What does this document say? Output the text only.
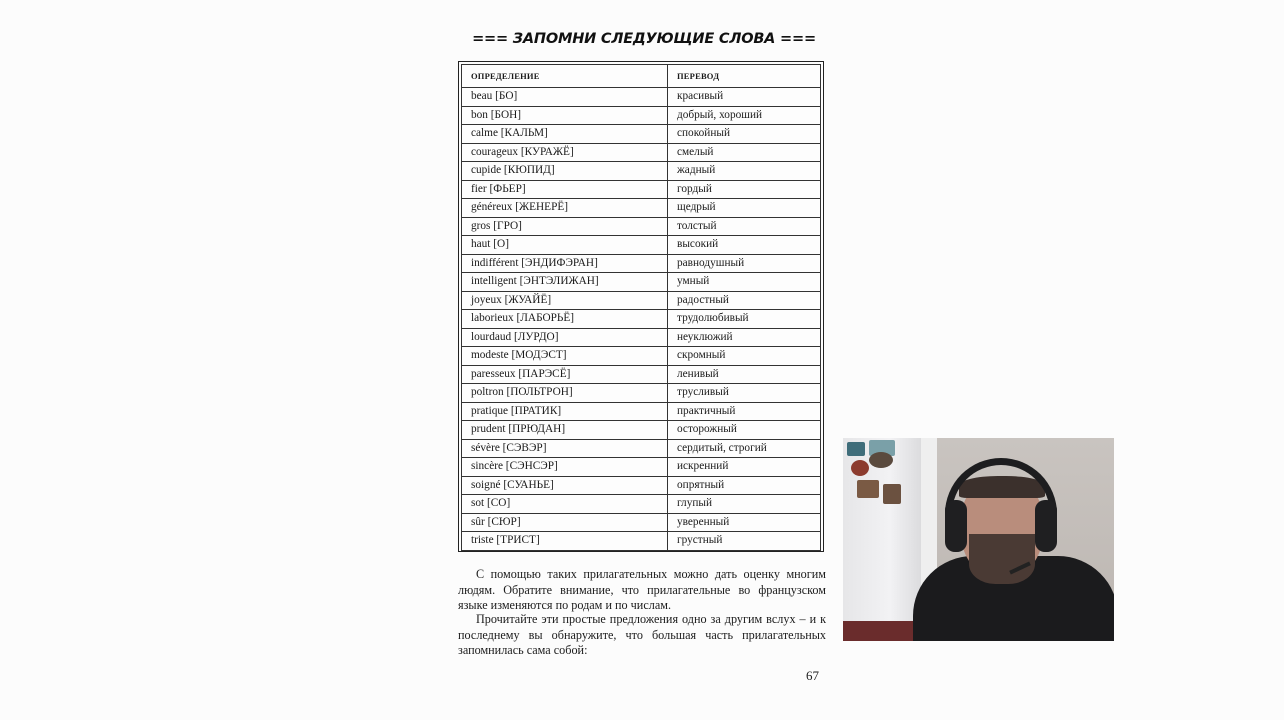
=== ЗАПОМНИ СЛЕДУЮЩИЕ СЛОВА ===
ОПРЕДЕЛЕНИЕ	ПЕРЕВОД
beau [БО]	красивый
bon [БОН]	добрый, хороший
calme [КАЛЬМ]	спокойный
courageux [КУРАЖЁ]	смелый
cupide [КЮПИД]	жадный
fier [ФЬЕР]	гордый
généreux [ЖЕНЕРЁ]	щедрый
gros [ГРО]	толстый
haut [О]	высокий
indifférent [ЭНДИФЭРАН]	равнодушный
intelligent [ЭНТЭЛИЖАН]	умный
joyeux [ЖУАЙЁ]	радостный
laborieux [ЛАБОРЬЁ]	трудолюбивый
lourdaud [ЛУРДО]	неуклюжий
modeste [МОДЭСТ]	скромный
paresseux [ПАРЭСЁ]	ленивый
poltron [ПОЛЬТРОН]	трусливый
pratique [ПРАТИК]	практичный
prudent [ПРЮДАН]	осторожный
sévère [СЭВЭР]	сердитый, строгий
sincère [СЭНСЭР]	искренний
soigné [СУАНЬЕ]	опрятный
sot [СО]	глупый
sûr [СЮР]	уверенный
triste [ТРИСТ]	грустный

С помощью таких прилагательных можно дать оценку многим людям. Обратите внимание, что прилагательные во французском языке изменяются по родам и по числам.

Прочитайте эти простые предложения одно за другим вслух – и к последнему вы обнаружите, что большая часть прилагательных запомнилась сама собой:

67
